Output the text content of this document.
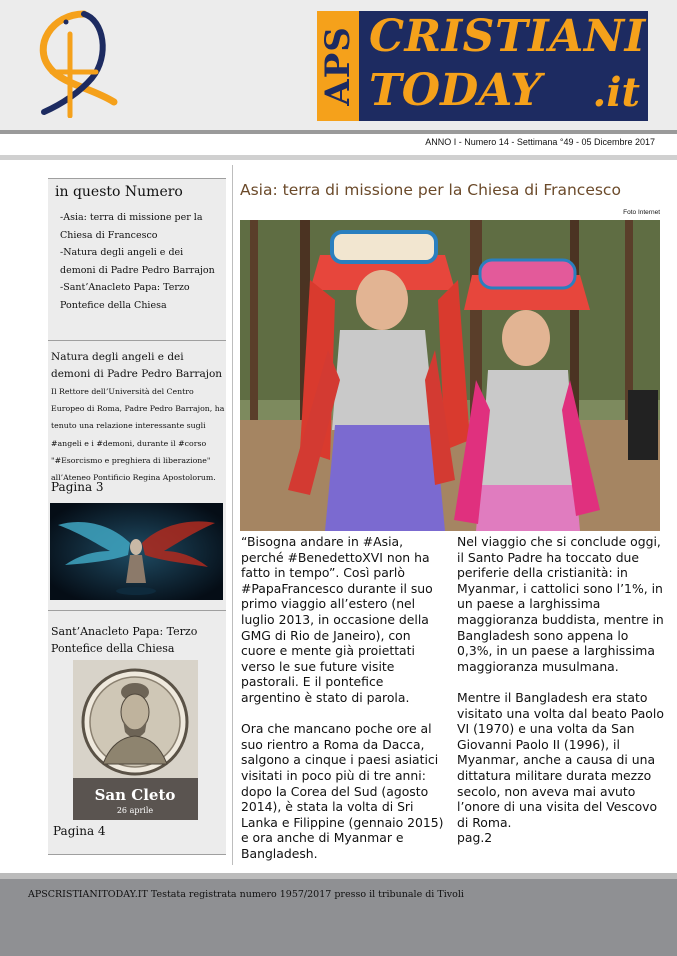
APS CRISTIANI
TODAY .it
ANNO I - Numero 14 - Settimana °49 - 05 Dicembre 2017
in questo Numero
-Asia: terra di missione per la Chiesa di Francesco
-Natura degli angeli e dei demoni di Padre Pedro Barrajon
-Sant’Anacleto Papa: Terzo Pontefice della Chiesa
Natura degli angeli e dei demoni di Padre Pedro Barrajon
Il Rettore dell’Università del Centro Europeo di Roma, Padre Pedro Barrajon, ha tenuto una relazione interessante sugli #angeli e i #demoni, durante il #corso "#Esorcismo e preghiera di liberazione" all’Ateneo Pontificio Regina Apostolorum.
Pagina 3
Sant’Anacleto Papa: Terzo Pontefice della Chiesa
San Cleto
26 aprile
Pagina 4
Asia: terra di missione per la Chiesa di Francesco
Foto Internet

“Bisogna andare in #Asia, perché #BenedettoXVI non ha fatto in tempo”. Così parlò #PapaFrancesco durante il suo primo viaggio all’estero (nel luglio 2013, in occasione della GMG di Rio de Janeiro), con cuore e mente già proiettati verso le sue future visite pastorali. E il pontefice argentino è stato di parola.

Ora che mancano poche ore al suo rientro a Roma da Dacca, salgono a cinque i paesi asiatici visitati in poco più di tre anni: dopo la Corea del Sud (agosto 2014), è stata la volta di Sri Lanka e Filippine (gennaio 2015) e ora anche di Myanmar e Bangladesh.

Nel viaggio che si conclude oggi, il Santo Padre ha toccato due periferie della cristianità: in Myanmar, i cattolici sono l’1%, in un paese a larghissima maggioranza buddista, mentre in Bangladesh sono appena lo 0,3%, in un paese a larghissima maggioranza musulmana.

Mentre il Bangladesh era stato visitato una volta dal beato Paolo VI (1970) e una volta da San Giovanni Paolo II (1996), il Myanmar, anche a causa di una dittatura militare durata mezzo secolo, non aveva mai avuto l’onore di una visita del Vescovo di Roma.

pag.2

APSCRISTIANITODAY.IT Testata registrata numero 1957/2017 presso il tribunale di Tivoli
